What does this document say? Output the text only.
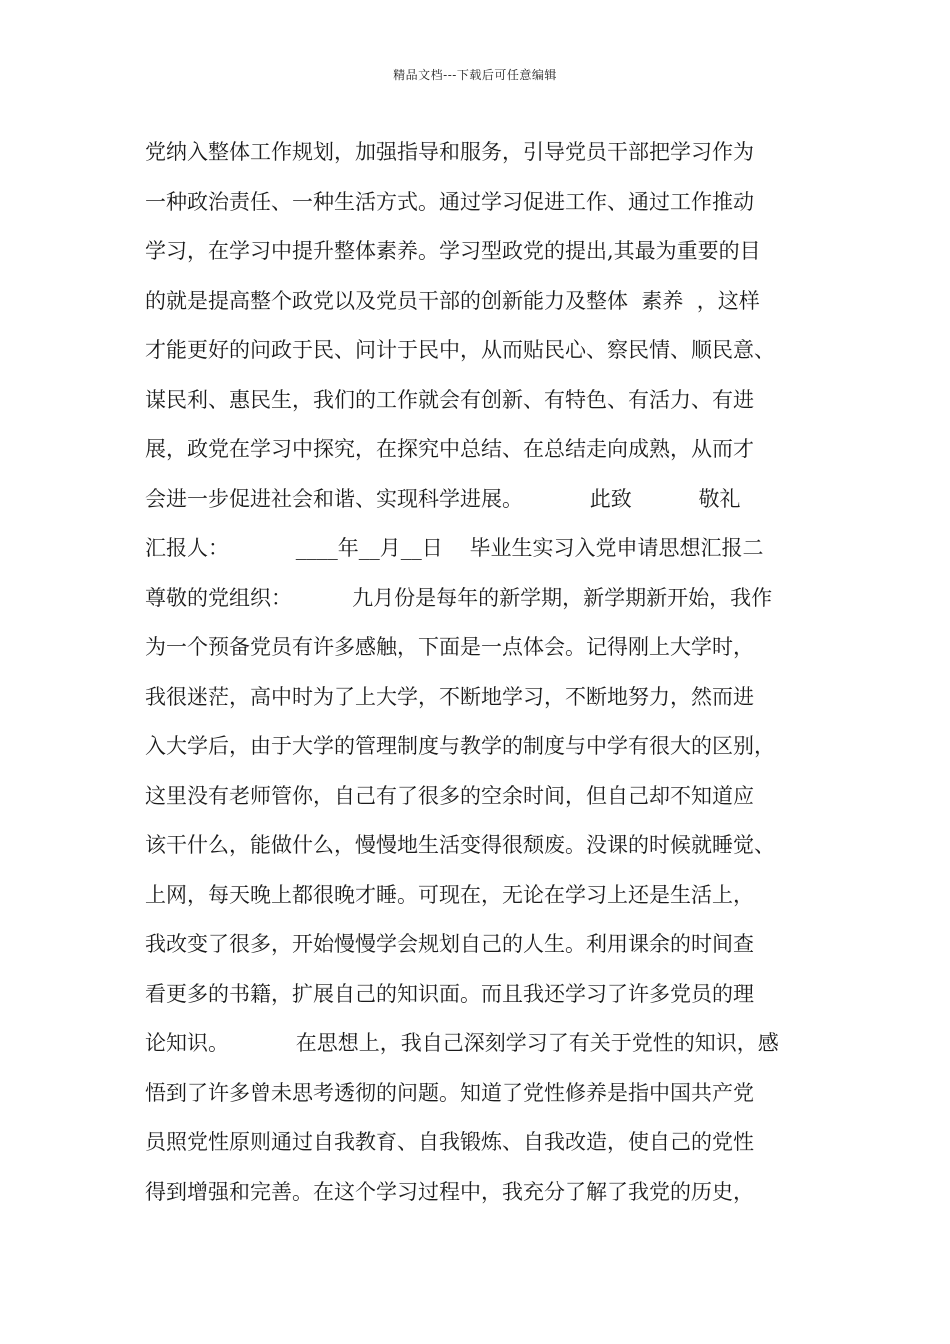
精品文档---下载后可任意编辑
党纳入整体工作规划，加强指导和服务，引导党员干部把学习作为
一种政治责任、一种生活方式。通过学习促进工作、通过工作推动
学习，在学习中提升整体素养。学习型政党的提出,其最为重要的目
的就是提高整个政党以及党员干部的创新能力及整体  素养  ，这样
才能更好的问政于民、问计于民中，从而贴民心、察民情、顺民意、
谋民利、惠民生，我们的工作就会有创新、有特色、有活力、有进
展，政党在学习中探究，在探究中总结、在总结走向成熟，从而才
会进一步促进社会和谐、实现科学进展。          此致          敬礼
汇报人：          ____年__月__日    毕业生实习入党申请思想汇报二
尊敬的党组织：         九月份是每年的新学期，新学期新开始，我作
为一个预备党员有许多感触，下面是一点体会。记得刚上大学时，
我很迷茫，高中时为了上大学，不断地学习，不断地努力，然而进
入大学后，由于大学的管理制度与教学的制度与中学有很大的区别，
这里没有老师管你，自己有了很多的空余时间，但自己却不知道应
该干什么，能做什么，慢慢地生活变得很颓废。没课的时候就睡觉、
上网，每天晚上都很晚才睡。可现在，无论在学习上还是生活上，
我改变了很多，开始慢慢学会规划自己的人生。利用课余的时间查
看更多的书籍，扩展自己的知识面。而且我还学习了许多党员的理
论知识。          在思想上，我自己深刻学习了有关于党性的知识，感
悟到了许多曾未思考透彻的问题。知道了党性修养是指中国共产党
员照党性原则通过自我教育、自我锻炼、自我改造，使自己的党性
得到增强和完善。在这个学习过程中，我充分了解了我党的历史，
